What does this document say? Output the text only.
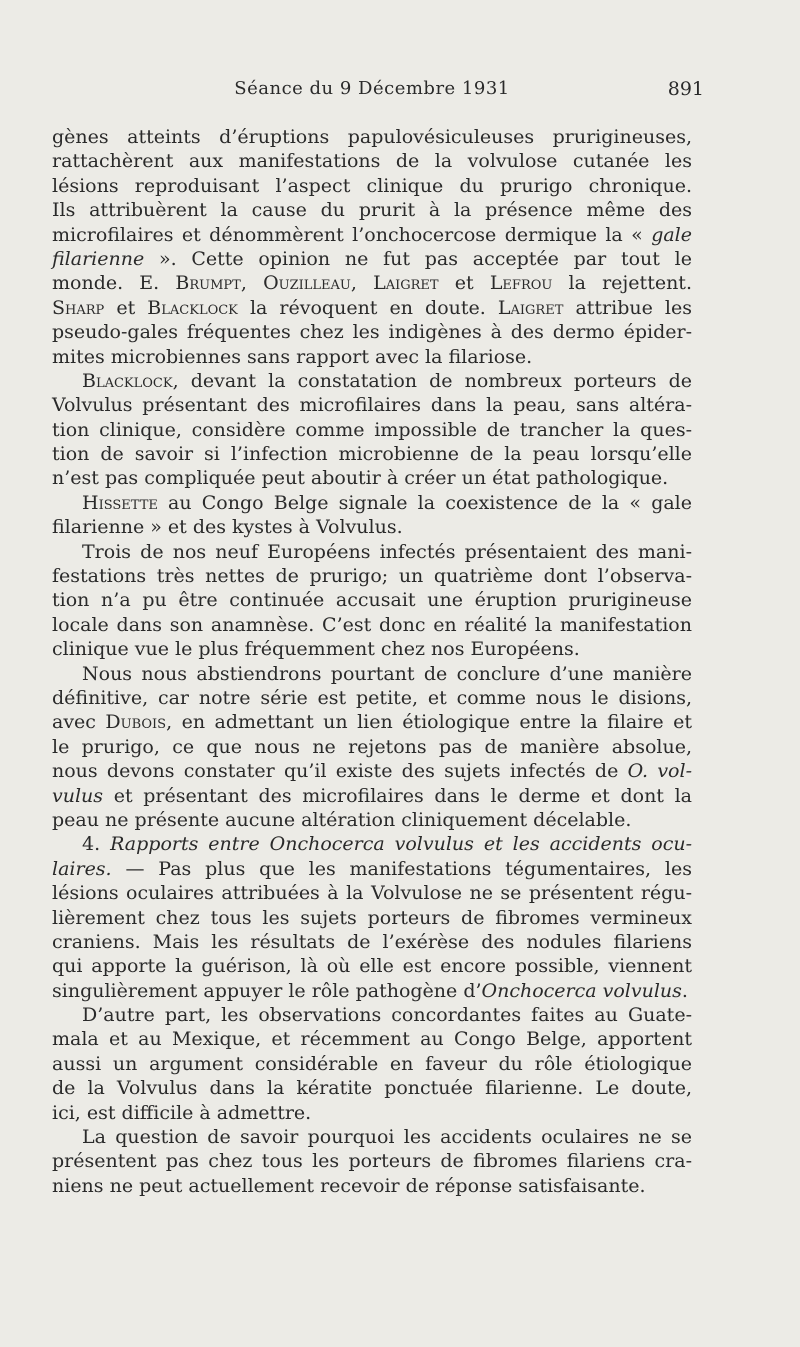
Séance du 9 Décembre 1931	891
gènes atteints d’éruptions papulovésiculeuses prurigineuses,
rattachèrent aux manifestations de la volvulose cutanée les
lésions reproduisant l’aspect clinique du prurigo chronique.
Ils attribuèrent la cause du prurit à la présence même des
microfilaires et dénommèrent l’onchocercose dermique la « gale
filarienne ». Cette opinion ne fut pas acceptée par tout le
monde. E. Brumpt, Ouzilleau, Laigret et Lefrou la rejettent.
Sharp et Blacklock la révoquent en doute. Laigret attribue les
pseudo-gales fréquentes chez les indigènes à des dermo épider-
mites microbiennes sans rapport avec la filariose.
Blacklock, devant la constatation de nombreux porteurs de
Volvulus présentant des microfilaires dans la peau, sans altéra-
tion clinique, considère comme impossible de trancher la ques-
tion de savoir si l’infection microbienne de la peau lorsqu’elle
n’est pas compliquée peut aboutir à créer un état pathologique.
Hissette au Congo Belge signale la coexistence de la « gale
filarienne » et des kystes à Volvulus.
Trois de nos neuf Européens infectés présentaient des mani-
festations très nettes de prurigo; un quatrième dont l’observa-
tion n’a pu être continuée accusait une éruption prurigineuse
locale dans son anamnèse. C’est donc en réalité la manifestation
clinique vue le plus fréquemment chez nos Européens.
Nous nous abstiendrons pourtant de conclure d’une manière
définitive, car notre série est petite, et comme nous le disions,
avec Dubois, en admettant un lien étiologique entre la filaire et
le prurigo, ce que nous ne rejetons pas de manière absolue,
nous devons constater qu’il existe des sujets infectés de O. vol-
vulus et présentant des microfilaires dans le derme et dont la
peau ne présente aucune altération cliniquement décelable.
4. Rapports entre Onchocerca volvulus et les accidents ocu-
laires. — Pas plus que les manifestations tégumentaires, les
lésions oculaires attribuées à la Volvulose ne se présentent régu-
lièrement chez tous les sujets porteurs de fibromes vermineux
craniens. Mais les résultats de l’exérèse des nodules filariens
qui apporte la guérison, là où elle est encore possible, viennent
singulièrement appuyer le rôle pathogène d’Onchocerca volvulus.
D’autre part, les observations concordantes faites au Guate-
mala et au Mexique, et récemment au Congo Belge, apportent
aussi un argument considérable en faveur du rôle étiologique
de la Volvulus dans la kératite ponctuée filarienne. Le doute,
ici, est difficile à admettre.
La question de savoir pourquoi les accidents oculaires ne se
présentent pas chez tous les porteurs de fibromes filariens cra-
niens ne peut actuellement recevoir de réponse satisfaisante.
